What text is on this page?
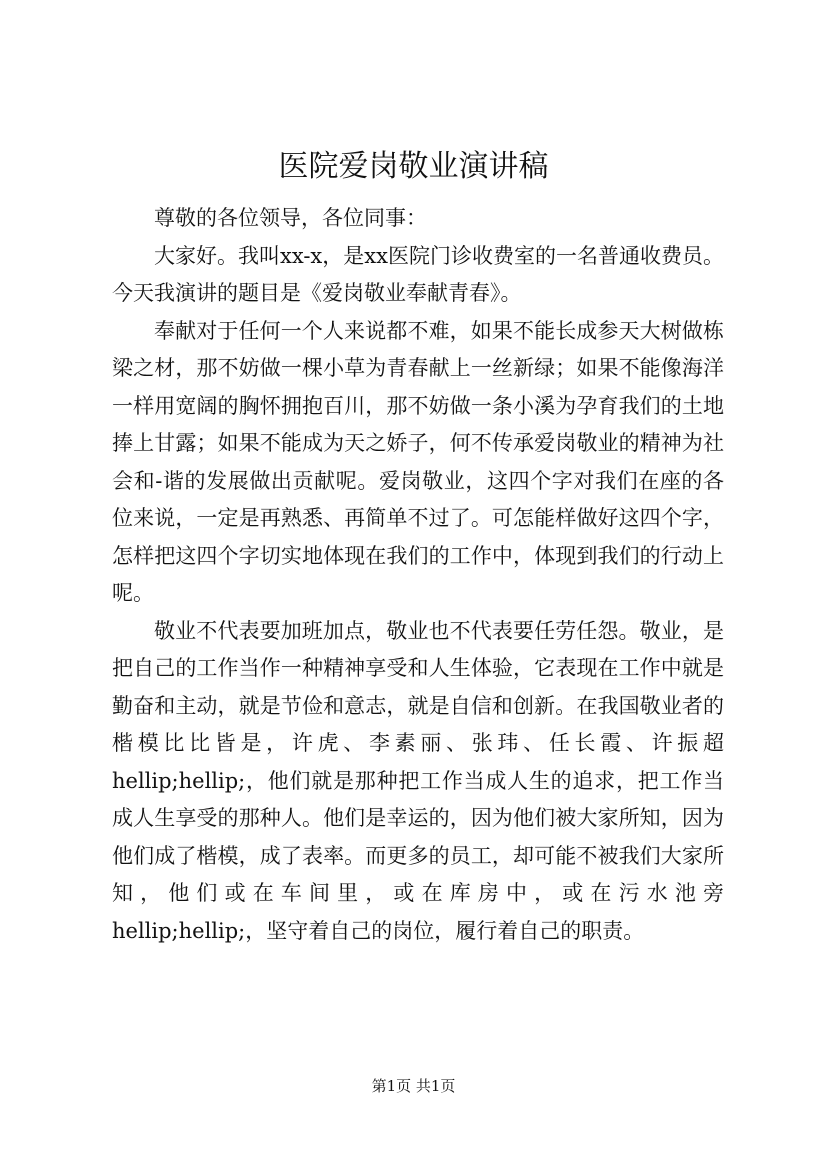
医院爱岗敬业演讲稿

尊敬的各位领导，各位同事：

大家好。我叫xx-x，是xx医院门诊收费室的一名普通收费员。今天我演讲的题目是《爱岗敬业奉献青春》。

奉献对于任何一个人来说都不难，如果不能长成参天大树做栋梁之材，那不妨做一棵小草为青春献上一丝新绿；如果不能像海洋一样用宽阔的胸怀拥抱百川，那不妨做一条小溪为孕育我们的土地捧上甘露；如果不能成为天之娇子，何不传承爱岗敬业的精神为社会和-谐的发展做出贡献呢。爱岗敬业，这四个字对我们在座的各位来说，一定是再熟悉、再简单不过了。可怎能样做好这四个字，怎样把这四个字切实地体现在我们的工作中，体现到我们的行动上呢。

敬业不代表要加班加点，敬业也不代表要任劳任怨。敬业，是把自己的工作当作一种精神享受和人生体验，它表现在工作中就是勤奋和主动，就是节俭和意志，就是自信和创新。在我国敬业者的楷模比比皆是，许虎、李素丽、张玮、任长霞、许振超hellip;hellip;，他们就是那种把工作当成人生的追求，把工作当成人生享受的那种人。他们是幸运的，因为他们被大家所知，因为他们成了楷模，成了表率。而更多的员工，却可能不被我们大家所知，他们或在车间里，或在库房中，或在污水池旁hellip;hellip;，坚守着自己的岗位，履行着自己的职责。

第1页 共1页
